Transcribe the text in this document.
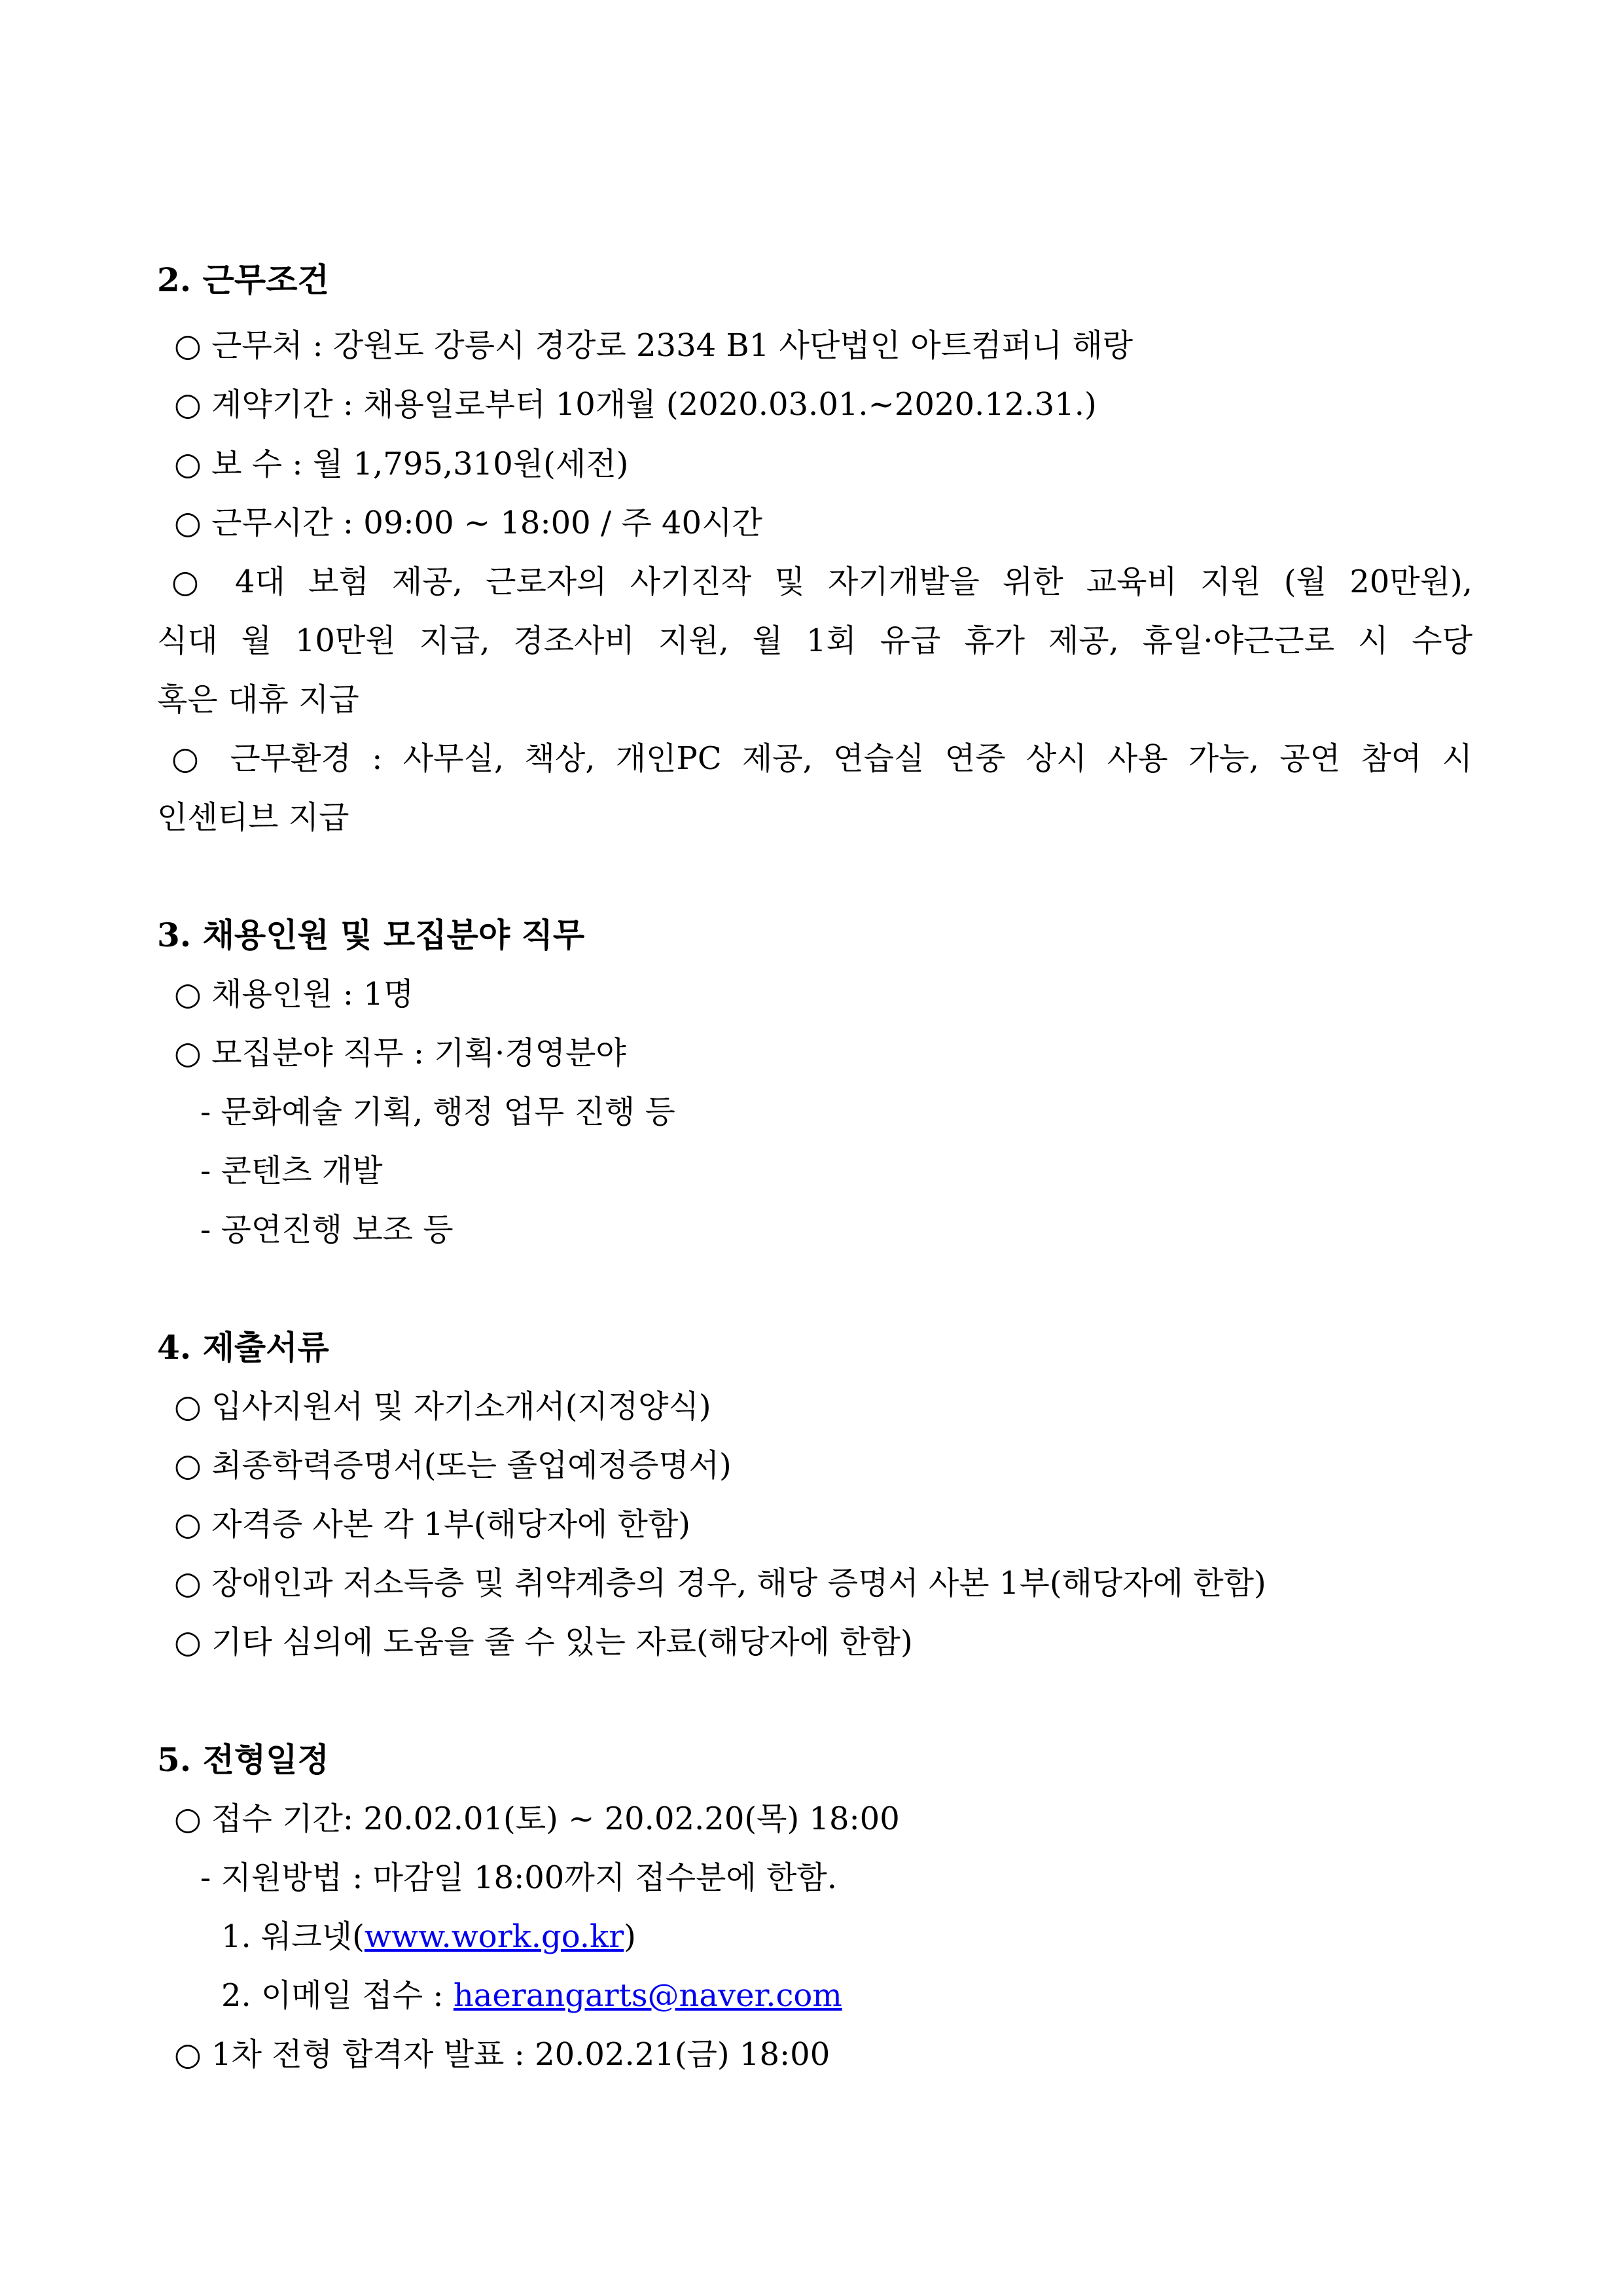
2. 근무조건
○ 근무처 : 강원도 강릉시 경강로 2334 B1 사단법인 아트컴퍼니 해랑
○ 계약기간 : 채용일로부터 10개월 (2020.03.01.~2020.12.31.)
○ 보 수 : 월 1,795,310원(세전)
○ 근무시간 : 09:00 ~ 18:00 / 주 40시간
○ 4대 보험 제공, 근로자의 사기진작 및 자기개발을 위한 교육비 지원 (월 20만원),
식대 월 10만원 지급, 경조사비 지원, 월 1회 유급 휴가 제공, 휴일·야근근로 시 수당
혹은 대휴 지급
○ 근무환경 : 사무실, 책상, 개인PC 제공, 연습실 연중 상시 사용 가능, 공연 참여 시
인센티브 지급
3. 채용인원 및 모집분야 직무
○ 채용인원 : 1명
○ 모집분야 직무 : 기획·경영분야
- 문화예술 기획, 행정 업무 진행 등
- 콘텐츠 개발
- 공연진행 보조 등
4. 제출서류
○ 입사지원서 및 자기소개서(지정양식)
○ 최종학력증명서(또는 졸업예정증명서)
○ 자격증 사본 각 1부(해당자에 한함)
○ 장애인과 저소득층 및 취약계층의 경우, 해당 증명서 사본 1부(해당자에 한함)
○ 기타 심의에 도움을 줄 수 있는 자료(해당자에 한함)
5. 전형일정
○ 접수 기간: 20.02.01(토) ~ 20.02.20(목) 18:00
- 지원방법 : 마감일 18:00까지 접수분에 한함.
1. 워크넷(www.work.go.kr)
2. 이메일 접수 : haerangarts@naver.com
○ 1차 전형 합격자 발표 : 20.02.21(금) 18:00
